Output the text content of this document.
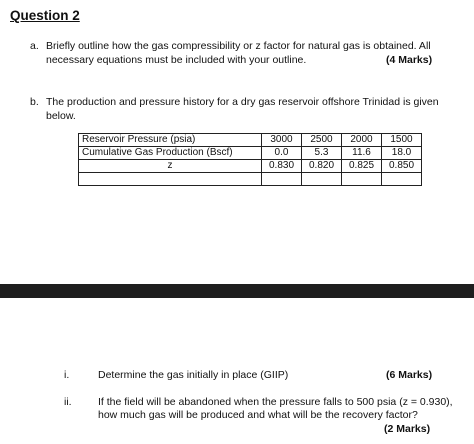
Question 2
a. Briefly outline how the gas compressibility or z factor for natural gas is obtained. All
necessary equations must be included with your outline.	(4 Marks)
b. The production and pressure history for a dry gas reservoir offshore Trinidad is given
below.
Reservoir Pressure (psia)	3000	2500	2000	1500
Cumulative Gas Production (Bscf)	0.0	5.3	11.6	18.0
z	0.830	0.820	0.825	0.850

i.	Determine the gas initially in place (GIIP)	(6 Marks)
ii.	If the field will be abandoned when the pressure falls to 500 psia (z = 0.930),
how much gas will be produced and what will be the recovery factor?
(2 Marks)
